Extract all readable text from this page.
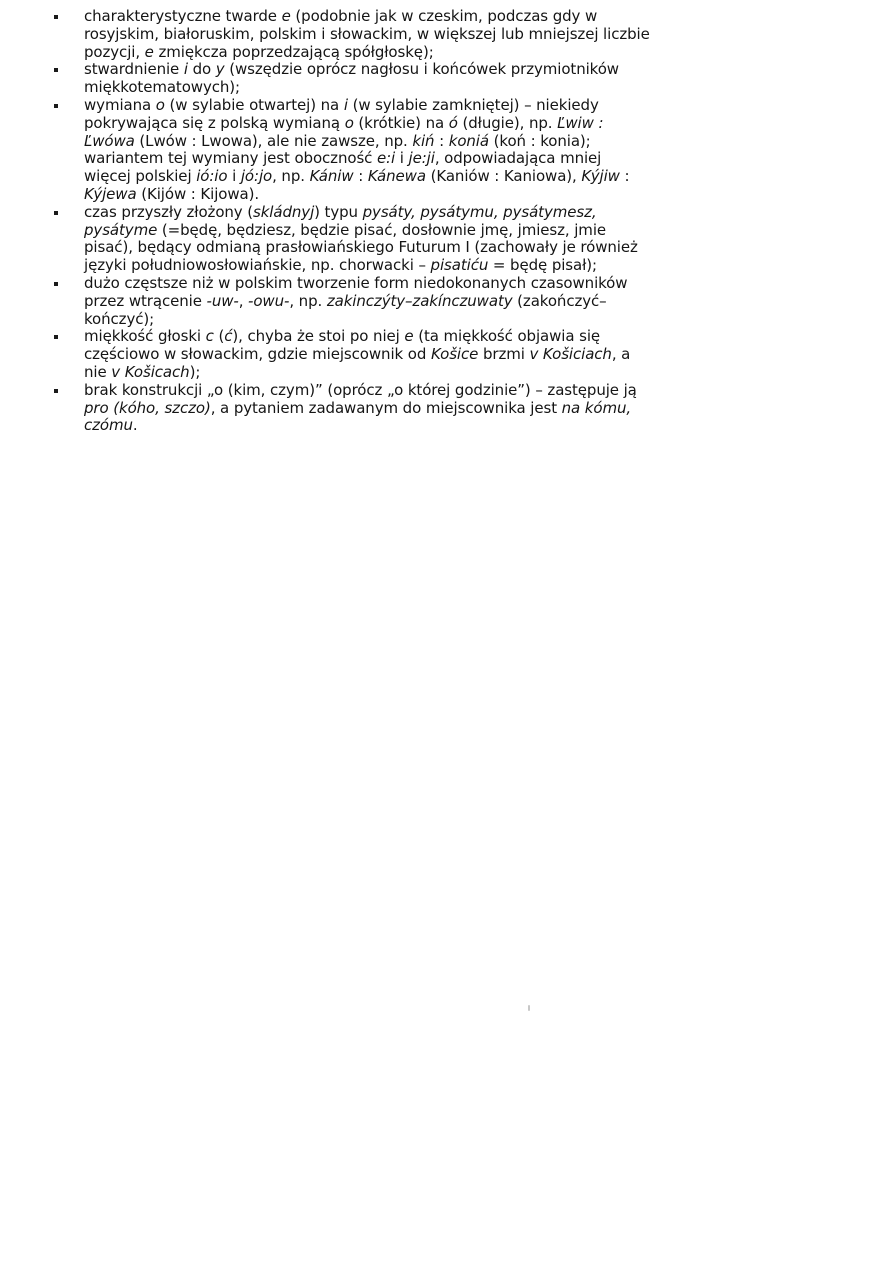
charakterystyczne twarde e (podobnie jak w czeskim, podczas gdy w rosyjskim, białoruskim, polskim i słowackim, w większej lub mniejszej liczbie pozycji, e zmiękcza poprzedzającą spółgłoskę);
stwardnienie i do y (wszędzie oprócz nagłosu i końcówek przymiotników miękkotematowych);
wymiana o (w sylabie otwartej) na i (w sylabie zamkniętej) – niekiedy pokrywająca się z polską wymianą o (krótkie) na ó (długie), np. Ľwiw : Ľwówa (Lwów : Lwowa), ale nie zawsze, np. kiń : koniá (koń : konia); wariantem tej wymiany jest oboczność e:i i je:ji, odpowiadająca mniej więcej polskiej ió:io i jó:jo, np. Kániw : Kánewa (Kaniów : Kaniowa), Kýjiw : Kýjewa (Kijów : Kijowa).
czas przyszły złożony (skládnyj) typu pysáty, pysátymu, pysátymesz, pysátyme (=będę, będziesz, będzie pisać, dosłownie jmę, jmiesz, jmie pisać), będący odmianą prasłowiańskiego Futurum I (zachowały je również języki południowosłowiańskie, np. chorwacki – pisatiću = będę pisał);
dużo częstsze niż w polskim tworzenie form niedokonanych czasowników przez wtrącenie -uw-, -owu-, np. zakinczýty–zakínczuwaty (zakończyć–kończyć);
miękkość głoski c (ć), chyba że stoi po niej e (ta miękkość objawia się częściowo w słowackim, gdzie miejscownik od Košice brzmi v Košiciach, a nie v Košicach);
brak konstrukcji „o (kim, czym)” (oprócz „o której godzinie”) – zastępuje ją pro (kóho, szczo), a pytaniem zadawanym do miejscownika jest na kómu, czómu.
